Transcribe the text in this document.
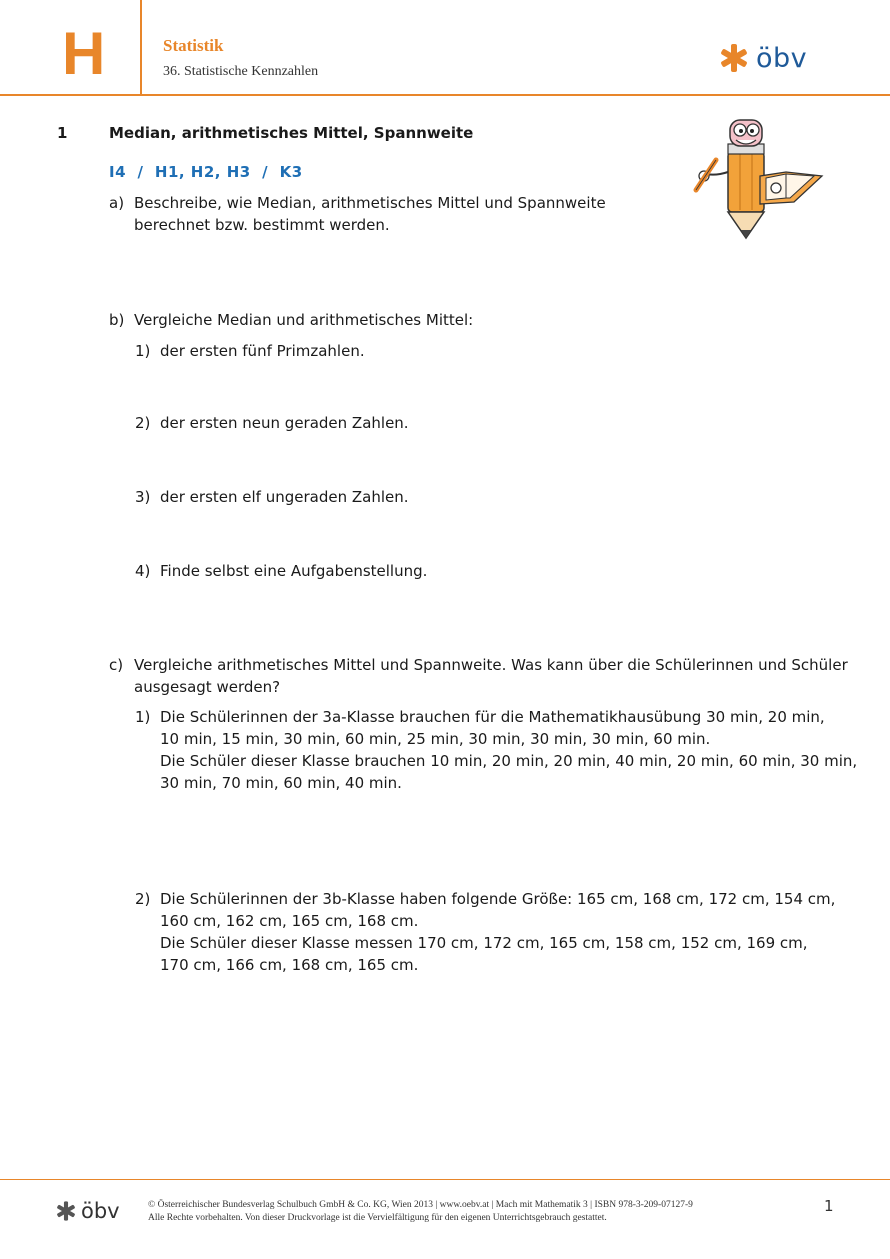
H	Statistik
36. Statistische Kennzahlen	öbv
1	Median, arithmetisches Mittel, Spannweite
I4  /  H1, H2, H3  /  K3
a) Beschreibe, wie Median, arithmetisches Mittel und Spannweite
berechnet bzw. bestimmt werden.
b) Vergleiche Median und arithmetisches Mittel:
1) der ersten fünf Primzahlen.
2) der ersten neun geraden Zahlen.
3) der ersten elf ungeraden Zahlen.
4) Finde selbst eine Aufgabenstellung.
c) Vergleiche arithmetisches Mittel und Spannweite. Was kann über die Schülerinnen und Schüler
ausgesagt werden?
1) Die Schülerinnen der 3a-Klasse brauchen für die Mathematikhausübung 30 min, 20 min,
10 min, 15 min, 30 min, 60 min, 25 min, 30 min, 30 min, 30 min, 60 min.
Die Schüler dieser Klasse brauchen 10 min, 20 min, 20 min, 40 min, 20 min, 60 min, 30 min,
30 min, 70 min, 60 min, 40 min.
2) Die Schülerinnen der 3b-Klasse haben folgende Größe: 165 cm, 168 cm, 172 cm, 154 cm,
160 cm, 162 cm, 165 cm, 168 cm.
Die Schüler dieser Klasse messen 170 cm, 172 cm, 165 cm, 158 cm, 152 cm, 169 cm,
170 cm, 166 cm, 168 cm, 165 cm.
öbv	© Österreichischer Bundesverlag Schulbuch GmbH & Co. KG, Wien 2013 | www.oebv.at | Mach mit Mathematik 3 | ISBN 978-3-209-07127-9
Alle Rechte vorbehalten. Von dieser Druckvorlage ist die Vervielfältigung für den eigenen Unterrichtsgebrauch gestattet.
1
